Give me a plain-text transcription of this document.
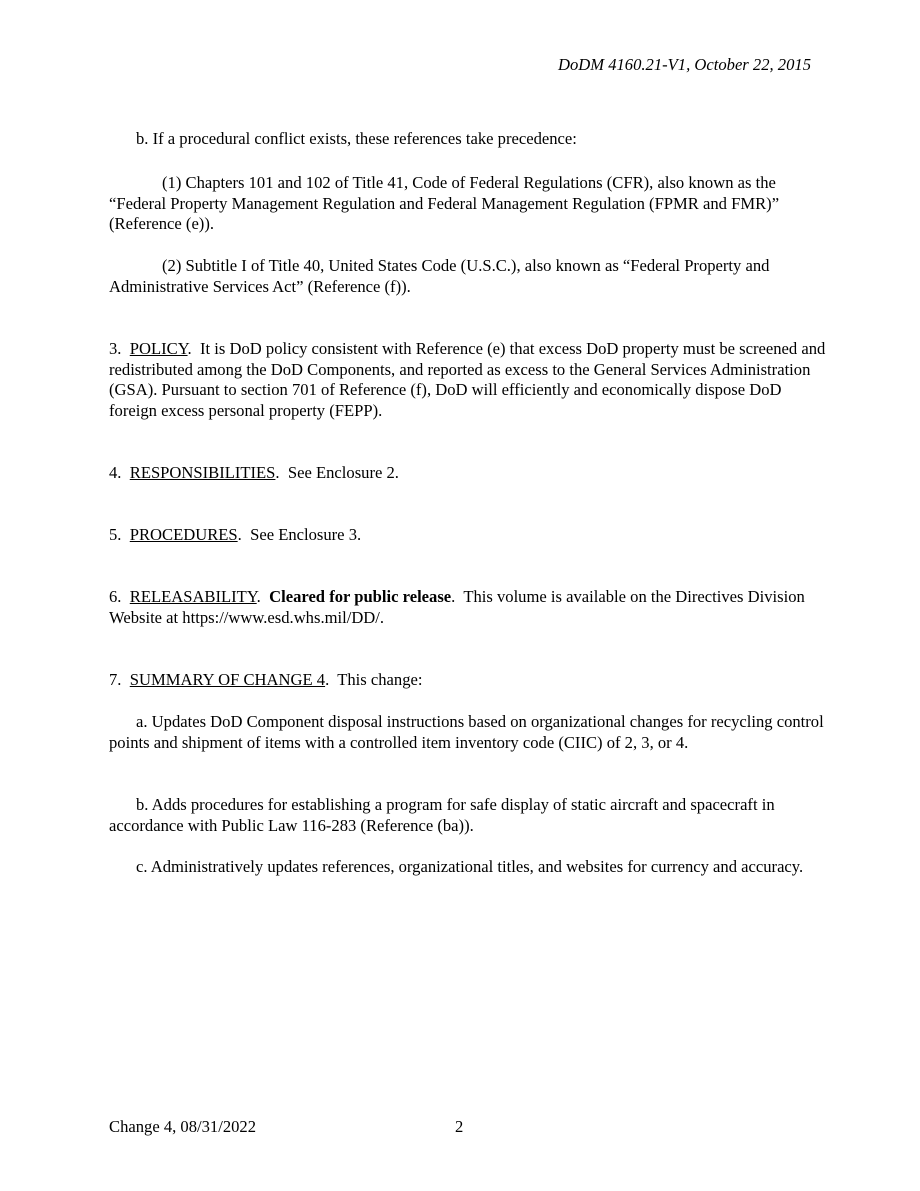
DoDM 4160.21-V1, October 22, 2015

b. If a procedural conflict exists, these references take precedence:

(1) Chapters 101 and 102 of Title 41, Code of Federal Regulations (CFR), also known as the “Federal Property Management Regulation and Federal Management Regulation (FPMR and FMR)” (Reference (e)).

(2) Subtitle I of Title 40, United States Code (U.S.C.), also known as “Federal Property and Administrative Services Act” (Reference (f)).

3. POLICY.  It is DoD policy consistent with Reference (e) that excess DoD property must be screened and redistributed among the DoD Components, and reported as excess to the General Services Administration (GSA). Pursuant to section 701 of Reference (f), DoD will efficiently and economically dispose DoD foreign excess personal property (FEPP).

4. RESPONSIBILITIES.  See Enclosure 2.

5. PROCEDURES.  See Enclosure 3.

6. RELEASABILITY.  Cleared for public release.  This volume is available on the Directives Division Website at https://www.esd.whs.mil/DD/.

7. SUMMARY OF CHANGE 4.  This change:

a. Updates DoD Component disposal instructions based on organizational changes for recycling control points and shipment of items with a controlled item inventory code (CIIC) of 2, 3, or 4.

b. Adds procedures for establishing a program for safe display of static aircraft and spacecraft in accordance with Public Law 116-283 (Reference (ba)).

c. Administratively updates references, organizational titles, and websites for currency and accuracy.

Change 4, 08/31/2022	2
